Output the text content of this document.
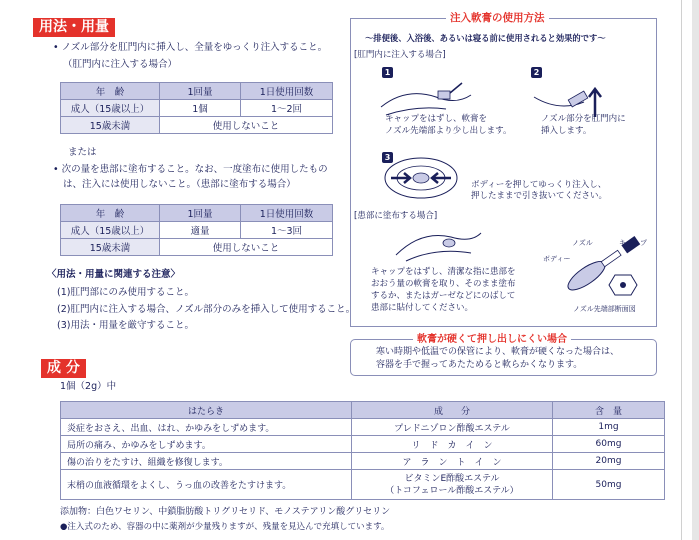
用法・用量
• ノズル部分を肛門内に挿入し、全量をゆっくり注入すること。
（肛門内に注入する場合）
年　齢	1回量	1日使用回数
成人（15歳以上）	1個	1〜2回
15歳未満	使用しないこと	
または
• 次の量を患部に塗布すること。なお、一度塗布に使用したもの
は、注入には使用しないこと。（患部に塗布する場合）
年　齢	1回量	1日使用回数
成人（15歳以上）	適量	1〜3回
15歳未満	使用しないこと	
〈用法・用量に関連する注意〉
(1)肛門部にのみ使用すること。
(2)肛門内に注入する場合、ノズル部分のみを挿入して使用すること。
(3)用法・用量を厳守すること。
注入軟膏の使用方法
〜排便後、入浴後、あるいは寝る前に使用されると効果的です〜
[肛門内に注入する場合]
1
キャップをはずし、軟膏を
ノズル先端部より少し出します。
2
ノズル部分を肛門内に
挿入します。
3
ボディーを押してゆっくり注入し、
押したままで引き抜いてください。
[患部に塗布する場合]
キャップをはずし、清潔な指に患部を
おおう量の軟膏を取り、そのまま塗布
するか、またはガーゼなどにのばして
患部に貼付してください。
ノズル
ボディー
キャップ
ノズル先端部断面図
軟膏が硬くて押し出しにくい場合
寒い時期や低温での保管により、軟膏が硬くなった場合は、
容器を手で握ってあたためると軟らかくなります。
成 分
1個（2g）中
はたらき	成　　分	含　量
炎症をおさえ、出血、はれ、かゆみをしずめます。	プレドニゾロン酢酸エステル	1mg
局所の痛み、かゆみをしずめます。	リ　ド　カ　イ　ン	60mg
傷の治りをたすけ、組織を修復します。	ア　ラ　ン　ト　イ　ン	20mg
末梢の血液循環をよくし、うっ血の改善をたすけます。	ビタミンE酢酸エステル
（トコフェロール酢酸エステル）	50mg
添加物：白色ワセリン、中鎖脂肪酸トリグリセリド、モノステアリン酸グリセリン
●注入式のため、容器の中に薬剤が少量残りますが、残量を見込んで充填しています。
